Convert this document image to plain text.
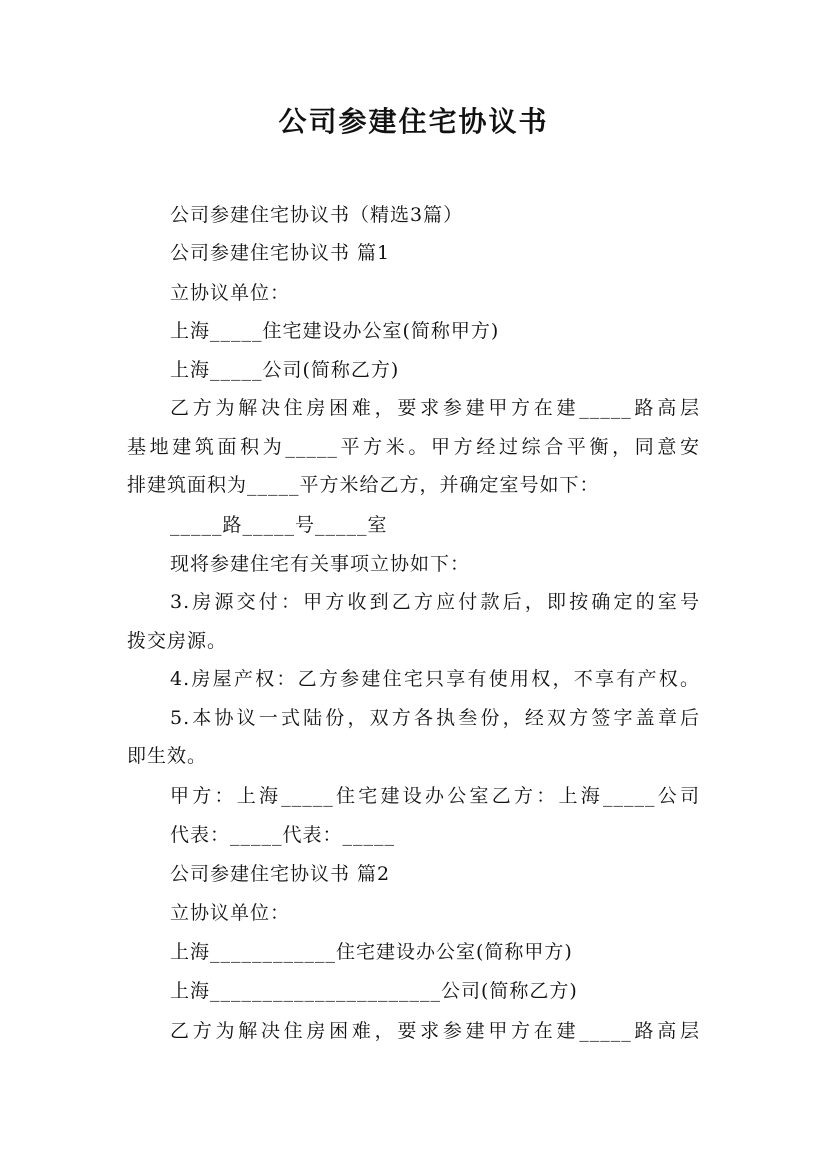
公司参建住宅协议书
公司参建住宅协议书（精选3篇）
公司参建住宅协议书 篇1
立协议单位：
上海_____住宅建设办公室(简称甲方)
上海_____公司(简称乙方)
乙方为解决住房困难，要求参建甲方在建_____路高层
基地建筑面积为_____平方米。甲方经过综合平衡，同意安
排建筑面积为_____平方米给乙方，并确定室号如下：
_____路_____号_____室
现将参建住宅有关事项立协如下：
3.房源交付：甲方收到乙方应付款后，即按确定的室号
拨交房源。
4.房屋产权：乙方参建住宅只享有使用权，不享有产权。
5.本协议一式陆份，双方各执叁份，经双方签字盖章后
即生效。
甲方：上海_____住宅建设办公室乙方：上海_____公司
代表：_____代表：_____
公司参建住宅协议书 篇2
立协议单位：
上海____________住宅建设办公室(简称甲方)
上海______________________公司(简称乙方)
乙方为解决住房困难，要求参建甲方在建_____路高层
